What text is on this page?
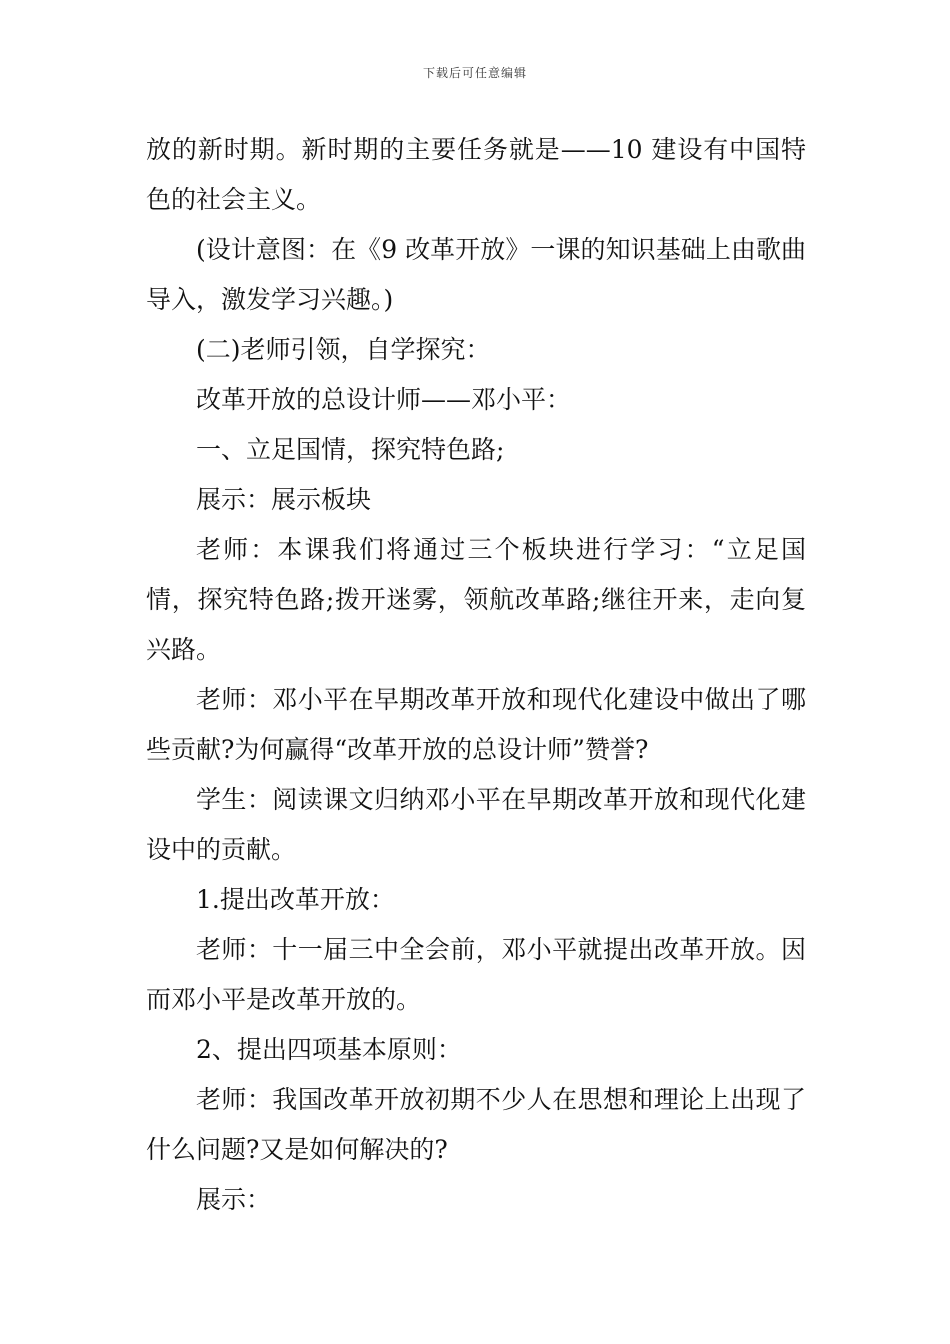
下载后可任意编辑

放的新时期。新时期的主要任务就是——10 建设有中国特色的社会主义。

(设计意图：在《9 改革开放》一课的知识基础上由歌曲导入，激发学习兴趣。)

(二)老师引领，自学探究：

改革开放的总设计师——邓小平：

一、立足国情，探究特色路;

展示：展示板块

老师：本课我们将通过三个板块进行学习：“立足国情，探究特色路;拨开迷雾，领航改革路;继往开来，走向复兴路。

老师：邓小平在早期改革开放和现代化建设中做出了哪些贡献?为何赢得“改革开放的总设计师”赞誉?

学生：阅读课文归纳邓小平在早期改革开放和现代化建设中的贡献。

1.提出改革开放：

老师：十一届三中全会前，邓小平就提出改革开放。因而邓小平是改革开放的。

2、提出四项基本原则：

老师：我国改革开放初期不少人在思想和理论上出现了什么问题?又是如何解决的?

展示：
